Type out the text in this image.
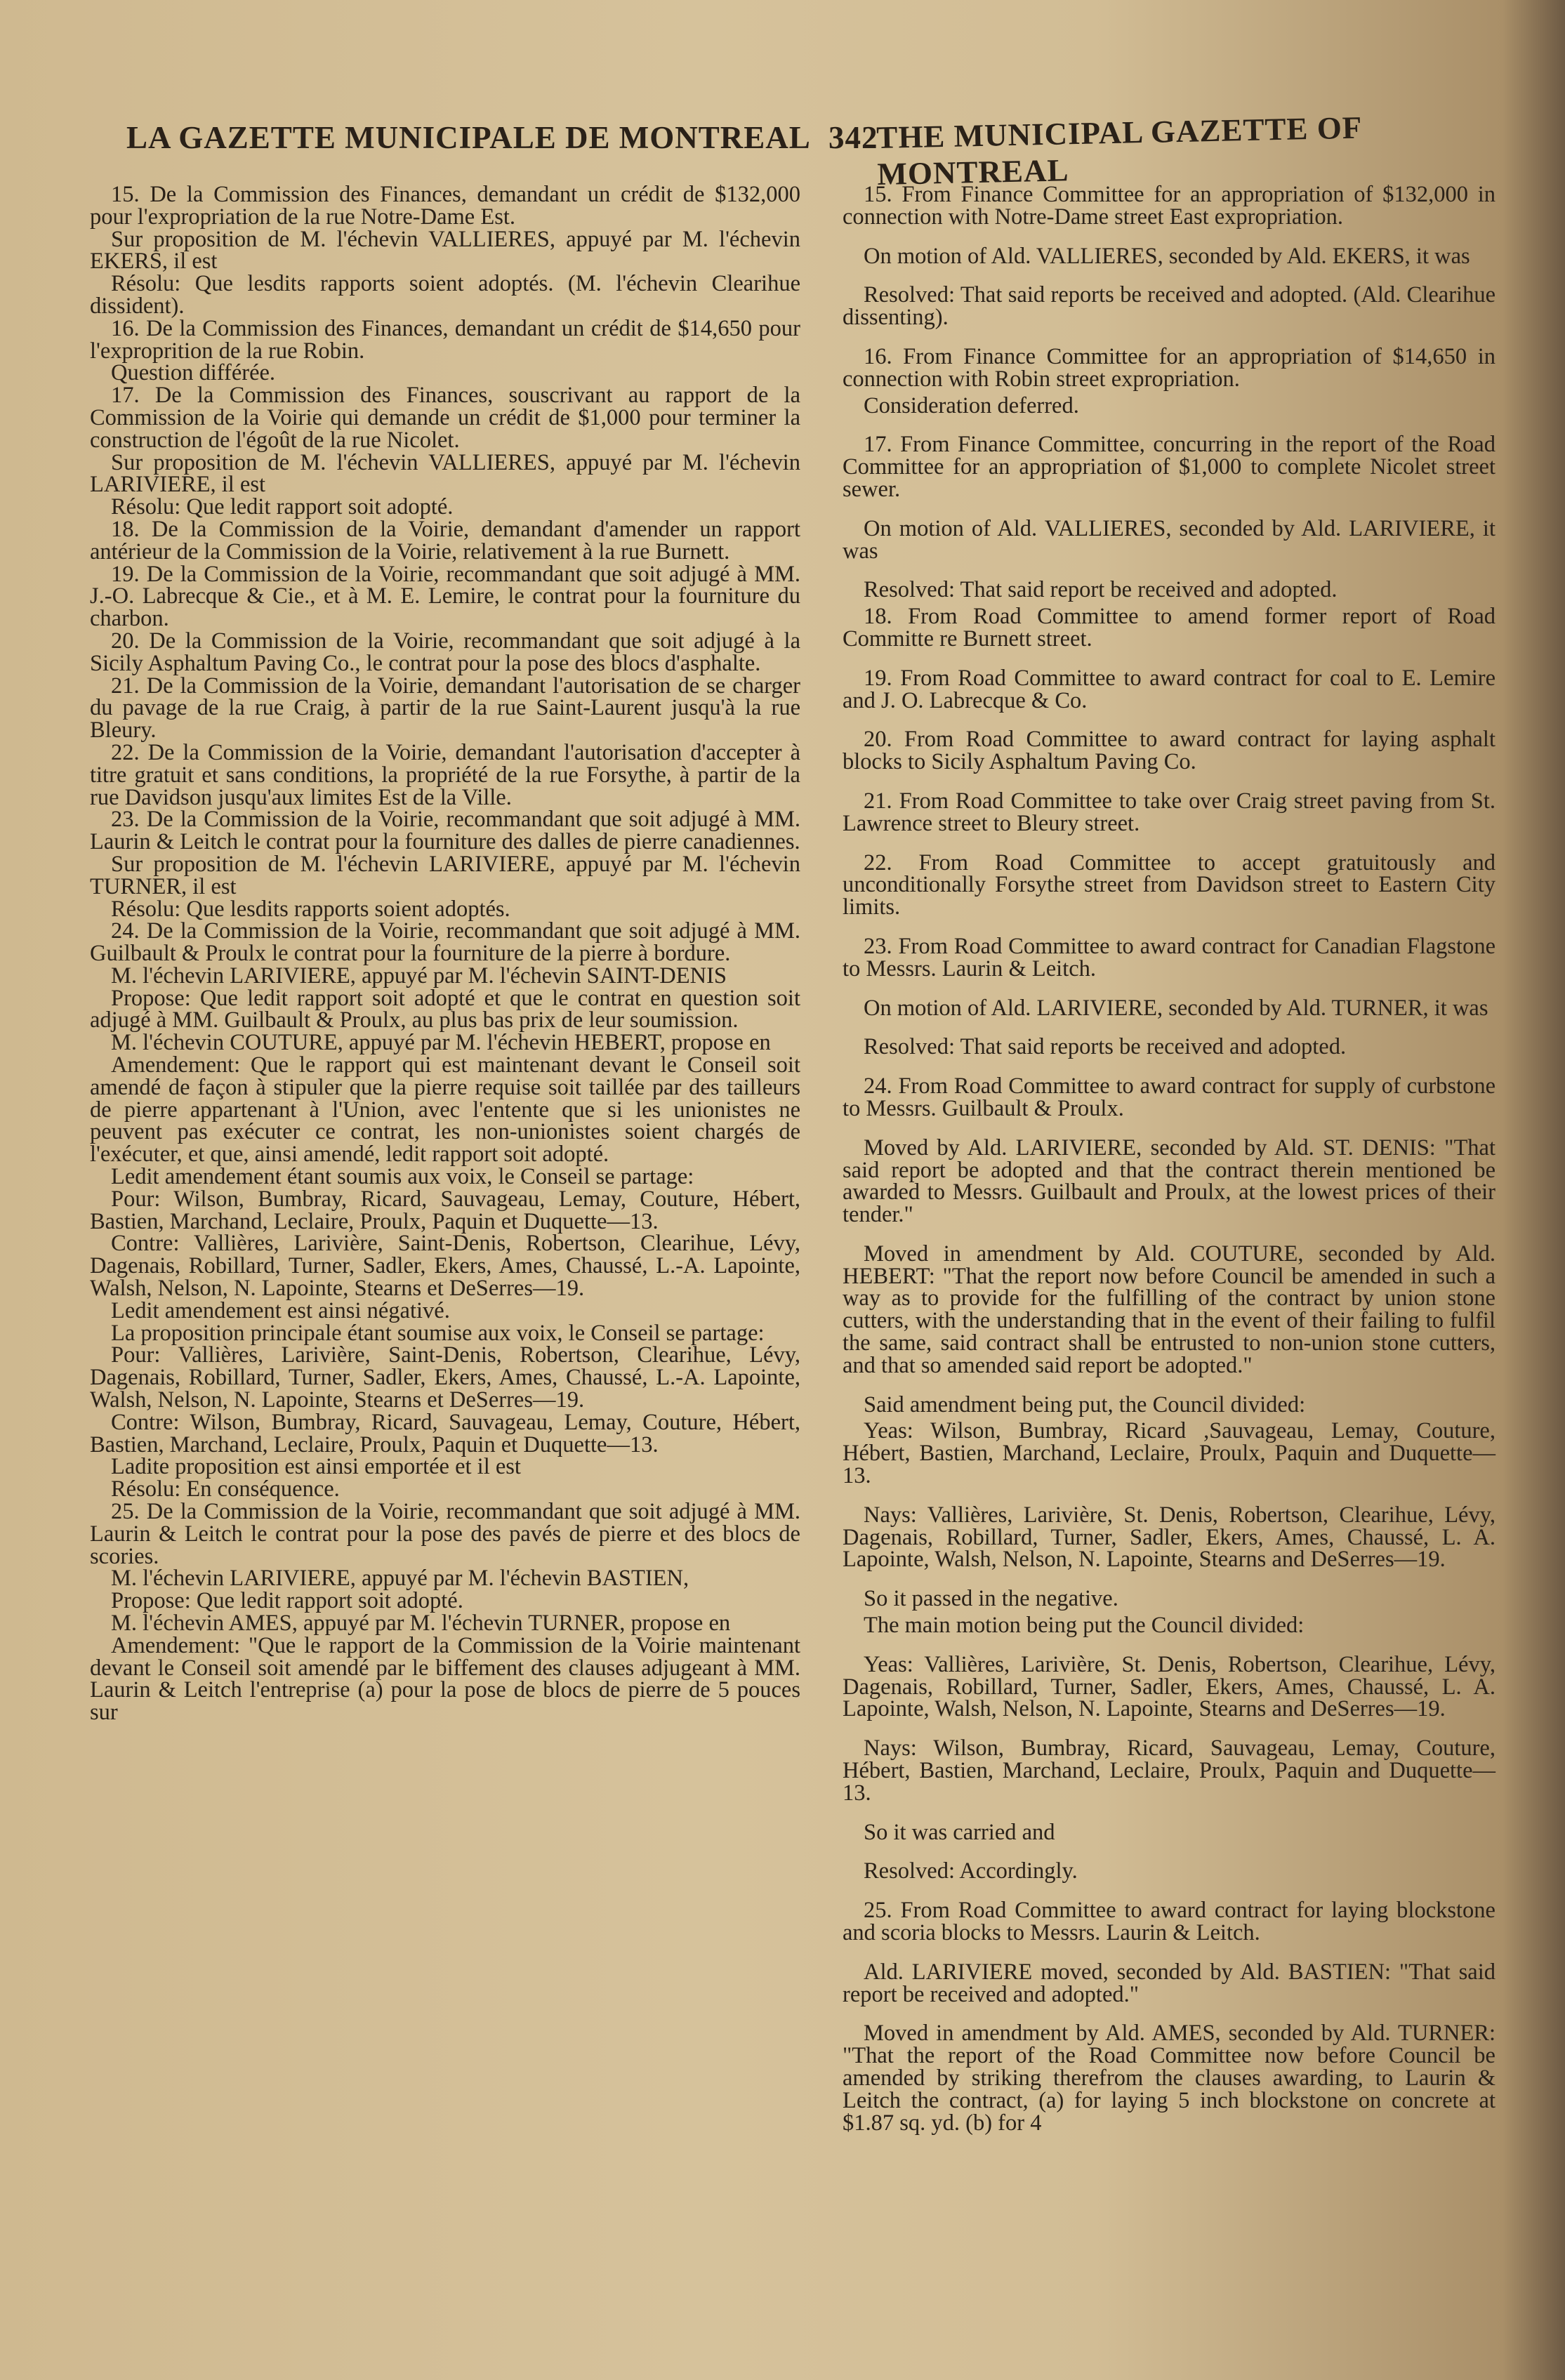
LA GAZETTE MUNICIPALE DE MONTREAL 342
THE MUNICIPAL GAZETTE OF MONTREAL

15. De la Commission des Finances, demandant un crédit de $132,000 pour l'expropriation de la rue Notre-Dame Est.

Sur proposition de M. l'échevin VALLIERES, appuyé par M. l'échevin EKERS, il est

Résolu: Que lesdits rapports soient adoptés. (M. l'échevin Clearihue dissident).

16. De la Commission des Finances, demandant un crédit de $14,650 pour l'exproprition de la rue Robin.

Question différée.

17. De la Commission des Finances, souscrivant au rapport de la Commission de la Voirie qui demande un crédit de $1,000 pour terminer la construction de l'égoût de la rue Nicolet.

Sur proposition de M. l'échevin VALLIERES, appuyé par M. l'échevin LARIVIERE, il est

Résolu: Que ledit rapport soit adopté.

18. De la Commission de la Voirie, demandant d'amender un rapport antérieur de la Commission de la Voirie, relativement à la rue Burnett.

19. De la Commission de la Voirie, recommandant que soit adjugé à MM. J.-O. Labrecque & Cie., et à M. E. Lemire, le contrat pour la fourniture du charbon.

20. De la Commission de la Voirie, recommandant que soit adjugé à la Sicily Asphaltum Paving Co., le contrat pour la pose des blocs d'asphalte.

21. De la Commission de la Voirie, demandant l'autorisation de se charger du pavage de la rue Craig, à partir de la rue Saint-Laurent jusqu'à la rue Bleury.

22. De la Commission de la Voirie, demandant l'autorisation d'accepter à titre gratuit et sans conditions, la propriété de la rue Forsythe, à partir de la rue Davidson jusqu'aux limites Est de la Ville.

23. De la Commission de la Voirie, recommandant que soit adjugé à MM. Laurin & Leitch le contrat pour la fourniture des dalles de pierre canadiennes.

Sur proposition de M. l'échevin LARIVIERE, appuyé par M. l'échevin TURNER, il est

Résolu: Que lesdits rapports soient adoptés.

24. De la Commission de la Voirie, recommandant que soit adjugé à MM. Guilbault & Proulx le contrat pour la fourniture de la pierre à bordure.

M. l'échevin LARIVIERE, appuyé par M. l'échevin SAINT-DENIS

Propose: Que ledit rapport soit adopté et que le contrat en question soit adjugé à MM. Guilbault & Proulx, au plus bas prix de leur soumission.

M. l'échevin COUTURE, appuyé par M. l'échevin HEBERT, propose en

Amendement: Que le rapport qui est maintenant devant le Conseil soit amendé de façon à stipuler que la pierre requise soit taillée par des tailleurs de pierre appartenant à l'Union, avec l'entente que si les unionistes ne peuvent pas exécuter ce contrat, les non-unionistes soient chargés de l'exécuter, et que, ainsi amendé, ledit rapport soit adopté.

Ledit amendement étant soumis aux voix, le Conseil se partage:

Pour: Wilson, Bumbray, Ricard, Sauvageau, Lemay, Couture, Hébert, Bastien, Marchand, Leclaire, Proulx, Paquin et Duquette—13.

Contre: Vallières, Larivière, Saint-Denis, Robertson, Clearihue, Lévy, Dagenais, Robillard, Turner, Sadler, Ekers, Ames, Chaussé, L.-A. Lapointe, Walsh, Nelson, N. Lapointe, Stearns et DeSerres—19.

Ledit amendement est ainsi négativé.

La proposition principale étant soumise aux voix, le Conseil se partage:

Pour: Vallières, Larivière, Saint-Denis, Robertson, Clearihue, Lévy, Dagenais, Robillard, Turner, Sadler, Ekers, Ames, Chaussé, L.-A. Lapointe, Walsh, Nelson, N. Lapointe, Stearns et DeSerres—19.

Contre: Wilson, Bumbray, Ricard, Sauvageau, Lemay, Couture, Hébert, Bastien, Marchand, Leclaire, Proulx, Paquin et Duquette—13.

Ladite proposition est ainsi emportée et il est

Résolu: En conséquence.

25. De la Commission de la Voirie, recommandant que soit adjugé à MM. Laurin & Leitch le contrat pour la pose des pavés de pierre et des blocs de scories.

M. l'échevin LARIVIERE, appuyé par M. l'échevin BASTIEN,

Propose: Que ledit rapport soit adopté.

M. l'échevin AMES, appuyé par M. l'échevin TURNER, propose en

Amendement: "Que le rapport de la Commission de la Voirie maintenant devant le Conseil soit amendé par le biffement des clauses adjugeant à MM. Laurin & Leitch l'entreprise (a) pour la pose de blocs de pierre de 5 pouces sur

15. From Finance Committee for an appropriation of $132,000 in connection with Notre-Dame street East expropriation.

On motion of Ald. VALLIERES, seconded by Ald. EKERS, it was

Resolved: That said reports be received and adopted. (Ald. Clearihue dissenting).

16. From Finance Committee for an appropriation of $14,650 in connection with Robin street expropriation.

Consideration deferred.

17. From Finance Committee, concurring in the report of the Road Committee for an appropriation of $1,000 to complete Nicolet street sewer.

On motion of Ald. VALLIERES, seconded by Ald. LARIVIERE, it was

Resolved: That said report be received and adopted.

18. From Road Committee to amend former report of Road Committe re Burnett street.

19. From Road Committee to award contract for coal to E. Lemire and J. O. Labrecque & Co.

20. From Road Committee to award contract for laying asphalt blocks to Sicily Asphaltum Paving Co.

21. From Road Committee to take over Craig street paving from St. Lawrence street to Bleury street.

22. From Road Committee to accept gratuitously and unconditionally Forsythe street from Davidson street to Eastern City limits.

23. From Road Committee to award contract for Canadian Flagstone to Messrs. Laurin & Leitch.

On motion of Ald. LARIVIERE, seconded by Ald. TURNER, it was

Resolved: That said reports be received and adopted.

24. From Road Committee to award contract for supply of curbstone to Messrs. Guilbault & Proulx.

Moved by Ald. LARIVIERE, seconded by Ald. ST. DENIS: "That said report be adopted and that the contract therein mentioned be awarded to Messrs. Guilbault and Proulx, at the lowest prices of their tender."

Moved in amendment by Ald. COUTURE, seconded by Ald. HEBERT: "That the report now before Council be amended in such a way as to provide for the fulfilling of the contract by union stone cutters, with the understanding that in the event of their failing to fulfil the same, said contract shall be entrusted to non-union stone cutters, and that so amended said report be adopted."

Said amendment being put, the Council divided:

Yeas: Wilson, Bumbray, Ricard ,Sauvageau, Lemay, Couture, Hébert, Bastien, Marchand, Leclaire, Proulx, Paquin and Duquette—13.

Nays: Vallières, Larivière, St. Denis, Robertson, Clearihue, Lévy, Dagenais, Robillard, Turner, Sadler, Ekers, Ames, Chaussé, L. A. Lapointe, Walsh, Nelson, N. Lapointe, Stearns and DeSerres—19.

So it passed in the negative.

The main motion being put the Council divided:

Yeas: Vallières, Larivière, St. Denis, Robertson, Clearihue, Lévy, Dagenais, Robillard, Turner, Sadler, Ekers, Ames, Chaussé, L. A. Lapointe, Walsh, Nelson, N. Lapointe, Stearns and DeSerres—19.

Nays: Wilson, Bumbray, Ricard, Sauvageau, Lemay, Couture, Hébert, Bastien, Marchand, Leclaire, Proulx, Paquin and Duquette—13.

So it was carried and

Resolved: Accordingly.

25. From Road Committee to award contract for laying blockstone and scoria blocks to Messrs. Laurin & Leitch.

Ald. LARIVIERE moved, seconded by Ald. BASTIEN: "That said report be received and adopted."

Moved in amendment by Ald. AMES, seconded by Ald. TURNER: "That the report of the Road Committee now before Council be amended by striking therefrom the clauses awarding, to Laurin & Leitch the contract, (a) for laying 5 inch blockstone on concrete at $1.87 sq. yd. (b) for 4
